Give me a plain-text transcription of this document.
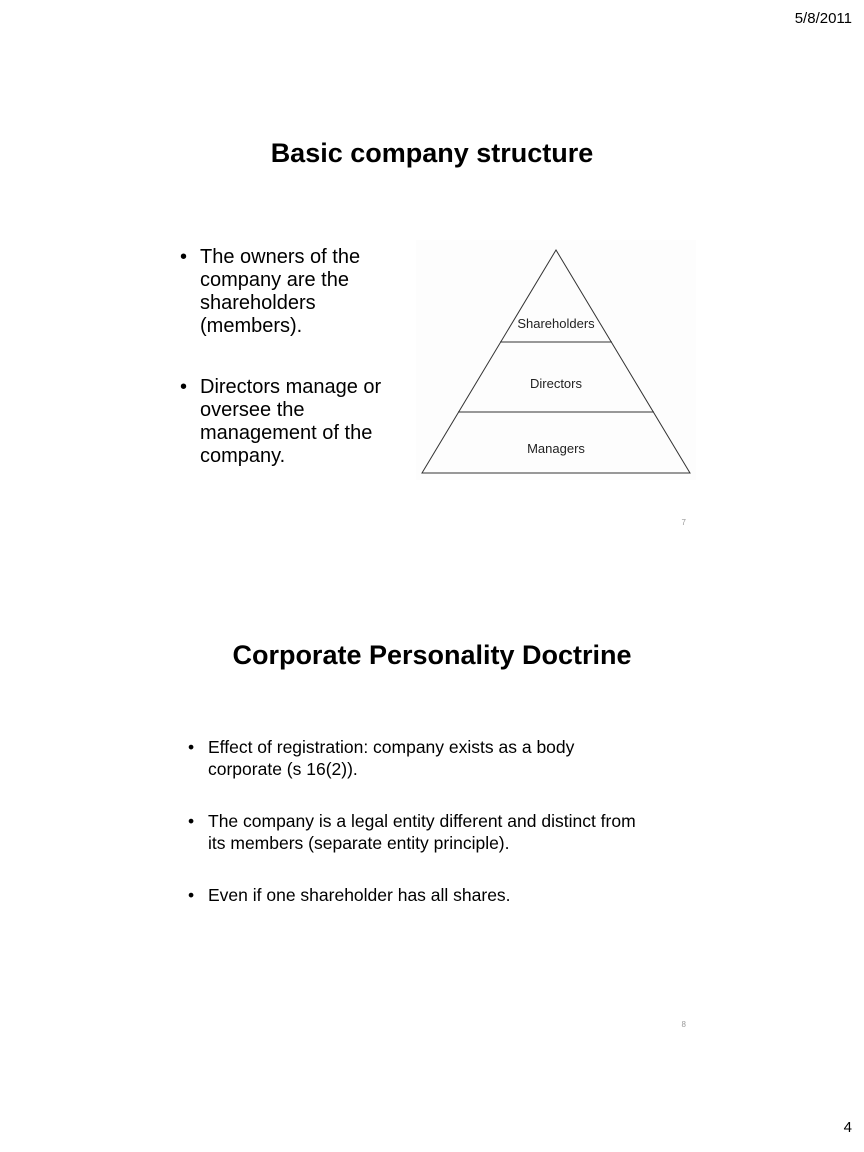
5/8/2011
Basic company structure
• The owners of the company are the shareholders (members).
• Directors manage or oversee the management of the company.
Shareholders
Directors
Managers
7
Corporate Personality Doctrine
• Effect of registration: company exists as a body corporate (s 16(2)).
• The company is a legal entity different and distinct from its members (separate entity principle).
• Even if one shareholder has all shares.
8
4
